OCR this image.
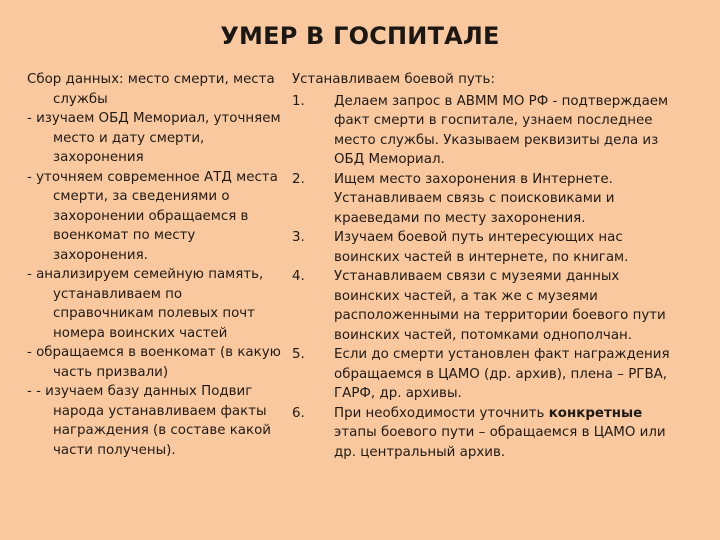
УМЕР В ГОСПИТАЛЕ

Сбор данных: место смерти, места службы

- изучаем ОБД Мемориал, уточняем место и дату смерти, захоронения

- уточняем современное АТД места смерти, за сведениями о захоронении обращаемся в военкомат по месту захоронения.

- анализируем семейную память, устанавливаем по справочникам полевых почт номера воинских частей

- обращаемся в военкомат (в какую часть призвали)

- - изучаем базу данных Подвиг народа устанавливаем факты награждения (в составе какой части получены).

Устанавливаем боевой путь:

1.	Делаем запрос в АВММ МО РФ - подтверждаем факт смерти в госпитале, узнаем последнее место службы. Указываем реквизиты дела из ОБД Мемориал.
2.	Ищем место захоронения в Интернете. Устанавливаем связь с поисковиками и краеведами по месту захоронения.
3.	Изучаем боевой путь интересующих нас воинских частей в интернете, по книгам.
4.	Устанавливаем связи с музеями данных воинских частей, а так же с музеями расположенными на территории боевого пути воинских частей, потомками однополчан.
5.	Если до смерти установлен факт награждения обращаемся в ЦАМО (др. архив), плена – РГВА, ГАРФ, др. архивы.
6.	При необходимости уточнить конкретные этапы боевого пути – обращаемся в ЦАМО или др. центральный архив.
